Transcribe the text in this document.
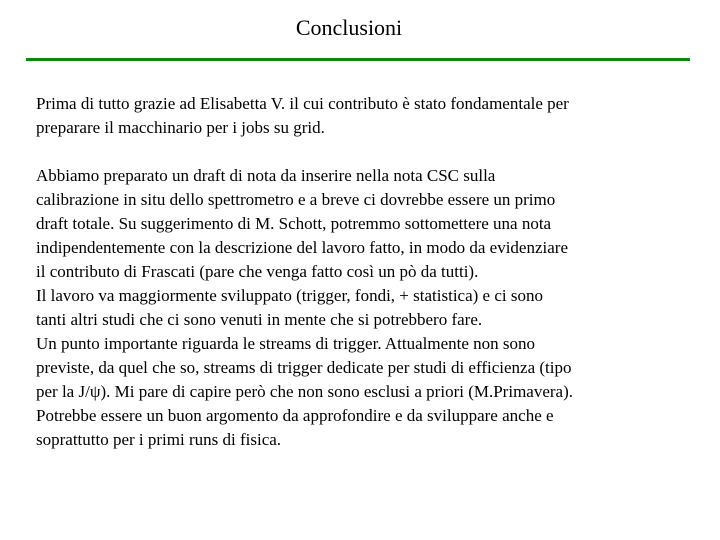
Conclusioni

Prima di tutto grazie ad Elisabetta V. il cui contributo è stato fondamentale per
preparare il macchinario per i jobs su grid.

Abbiamo preparato un draft di nota da inserire nella nota CSC sulla
calibrazione in situ dello spettrometro e a breve ci dovrebbe essere un primo
draft totale. Su suggerimento di M. Schott, potremmo sottomettere una nota
indipendentemente con la descrizione del lavoro fatto, in modo da evidenziare
il contributo di Frascati (pare che venga fatto così un pò da tutti).
Il lavoro va maggiormente sviluppato (trigger, fondi, + statistica) e ci sono
tanti altri studi che ci sono venuti in mente che si potrebbero fare.
Un punto importante riguarda le streams di trigger. Attualmente non sono
previste, da quel che so, streams di trigger dedicate per studi di efficienza (tipo
per la J/ψ). Mi pare di capire però che non sono esclusi a priori (M.Primavera).
Potrebbe essere un buon argomento da approfondire e da sviluppare anche e
soprattutto per i primi runs di fisica.
